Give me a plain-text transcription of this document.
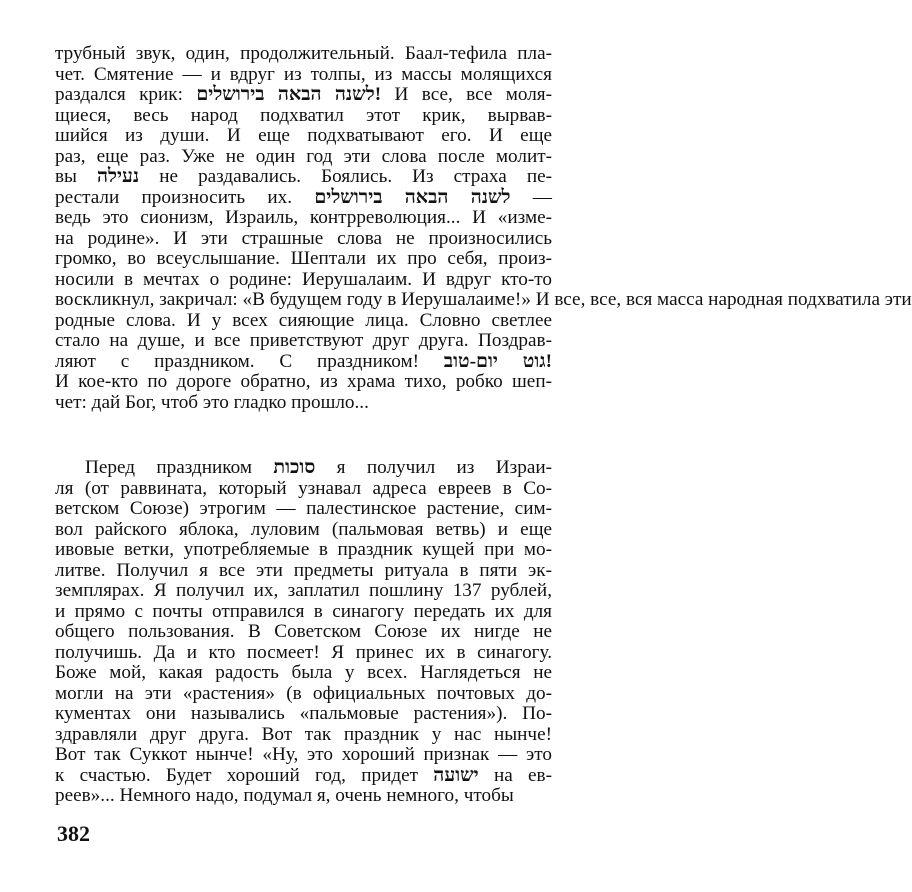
трубный звук, один, продолжительный. Баал-тефила пла-
чет. Смятение — и вдруг из толпы, из массы молящихся
раздался крик: !לשנה הבאה בירושלים И все, все моля-
щиеся, весь народ подхватил этот крик, вырвав-
шийся из души. И еще подхватывают его. И еще
раз, еще раз. Уже не один год эти слова после молит-
вы נעילה не раздавались. Боялись. Из страха пе-
рестали произносить их. לשנה הבאה בירושלים —
ведь это сионизм, Израиль, контрреволюция... И «изме-
на родине». И эти страшные слова не произносились
громко, во всеуслышание. Шептали их про себя, произ-
носили в мечтах о родине: Иерушалаим. И вдруг кто-то
воскликнул, закричал: «В будущем году в Иерушалаиме!» И все, все, вся масса народная подхватила эти
родные слова. И у всех сияющие лица. Словно светлее
стало на душе, и все приветствуют друг друга. Поздрав-
ляют с праздником. С праздником! !גוט יום-טוב
И кое-кто по дороге обратно, из храма тихо, робко шеп-
чет: дай Бог, чтоб это гладко прошло...
Перед праздником סוכות я получил из Израи-
ля (от раввината, который узнавал адреса евреев в Со-
ветском Союзе) этрогим — палестинское растение, сим-
вол райского яблока, луловим (пальмовая ветвь) и еще
ивовые ветки, употребляемые в праздник кущей при мо-
литве. Получил я все эти предметы ритуала в пяти эк-
земплярах. Я получил их, заплатил пошлину 137 рублей,
и прямо с почты отправился в синагогу передать их для
общего пользования. В Советском Союзе их нигде не
получишь. Да и кто посмеет! Я принес их в синагогу.
Боже мой, какая радость была у всех. Наглядеться не
могли на эти «растения» (в официальных почтовых до-
кументах они назывались «пальмовые растения»). По-
здравляли друг друга. Вот так праздник у нас нынче!
Вот так Суккот нынче! «Ну, это хороший признак — это
к счастью. Будет хороший год, придет ישועה на ев-
реев»... Немного надо, подумал я, очень немного, чтобы
382
